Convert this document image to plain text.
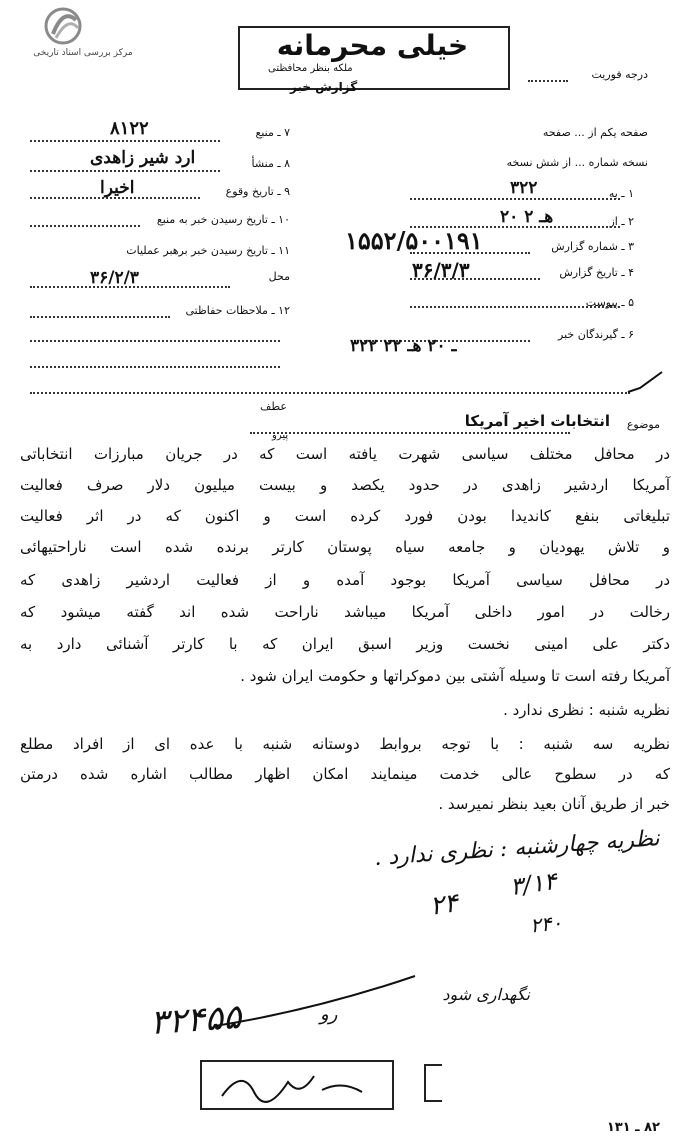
مرکز بررسی اسناد تاریخی	خیلی محرمانه
ملکه بنظر محافظتی
گزارش خبر
درجه فوریت
صفحه یکم از ... صفحه
نسخه شماره ... از شش نسخه
۱ ـ به
۳۲۲
۲ ـ از
۲۰ هـ ۲
۳ ـ شماره گزارش
۱۵۵۲/۵۰۰۱۹۱
۴ ـ تاریخ گزارش
۳۶/۳/۳
۵ ـ پیوست
۶ ـ گیرندگان خبر
۳۲۲ ـ ۲۰ هـ ۲۲
۷ ـ منبع
۸۱۲۲
۸ ـ منشأ
ارد شیر زاهدی
۹ ـ تاریخ وقوع
اخیرا
۱۰ ـ تاریخ رسیدن خبر به منبع
۱۱ ـ تاریخ رسیدن خبر برهبر عملیات
محل
۳۶/۲/۳
۱۲ ـ ملاحظات حفاظتی
موضوع
انتخابات اخیر آمریکا
عطف
پیرو
در محافل مختلف سیاسی شهرت یافته است که در جریان مبارزات انتخاباتی
آمریکا اردشیر زاهدی در حدود یکصد و بیست میلیون دلار صرف فعالیت
تبلیغاتی بنفع کاندیدا بودن فورد کرده است و اکنون که در اثر فعالیت
و تلاش یهودیان و جامعه سیاه پوستان کارتر برنده شده است ناراحتیهائی
در محافل سیاسی آمریکا بوجود آمده و از فعالیت اردشیر زاهدی که
رخالت در امور داخلی آمریکا میباشد ناراحت شده اند گفته میشود که
دکتر علی امینی نخست وزیر اسبق ایران که با کارتر آشنائی دارد به
آمریکا رفته است تا وسیله آشتی بین دموکراتها و حکومت ایران شود .
نظریه شنبه : نظری ندارد .
نظریه سه شنبه : با توجه بروابط دوستانه شنبه با عده ای از افراد مطلع
که در سطوح عالی خدمت مینمایند امکان اظهار مطالب اشاره شده درمتن
خبر از طریق آنان بعید بنظر نمیرسد .
نظریه چهارشنبه : نظری ندارد .
۳/۱۴
۲۴
۲۴۰
نگهداری شود
۳۲۴۵۵	رو
۸۲ ـ ۱۳۱
